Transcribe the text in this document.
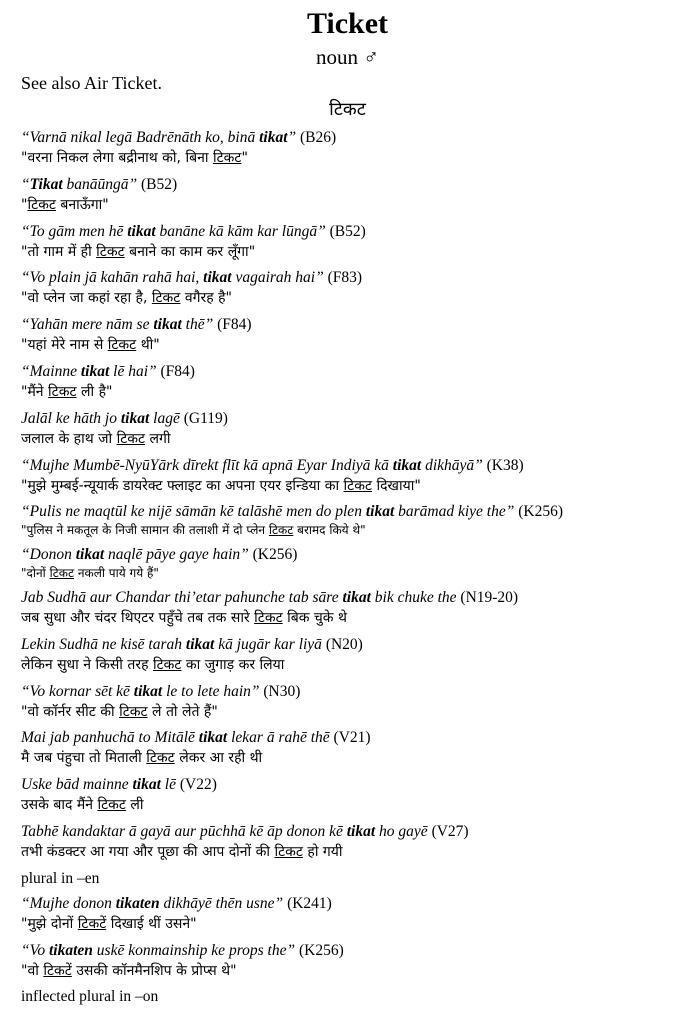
Ticket
noun ♂
See also Air Ticket.
टिकट
“Varnā nikal legā Badrēnāth ko, binā tikat” (B26)
"वरना निकल लेगा बद्रीनाथ को, बिना टिकट"
“Tikat banāūngā” (B52)
"टिकट बनाऊँगा"
“To gām men hē tikat banāne kā kām kar lūngā” (B52)
"तो गाम में ही टिकट बनाने का काम कर लूँगा"
“Vo plain jā kahān rahā hai, tikat vagairah hai” (F83)
"वो प्लेन जा कहां रहा है, टिकट वगैरह है"
“Yahān mere nām se tikat thē” (F84)
"यहां मेरे नाम से टिकट थी"
“Mainne tikat lē hai” (F84)
"मैंने टिकट ली है"
Jalāl ke hāth jo tikat lagē (G119)
जलाल के हाथ जो टिकट लगी
“Mujhe Mumbē-NyūYārk dīrekt flīt kā apnā Eyar Indiyā kā tikat dikhāyā” (K38)
"मुझे मुम्बई-न्यूयार्क डायरेक्ट फ्लाइट का अपना एयर इन्डिया का टिकट दिखाया"
“Pulis ne maqtūl ke nijē sāmān kē talāshē men do plen tikat barāmad kiye the” (K256)
"पुलिस ने मकतूल के निजी सामान की तलाशी में दो प्लेन टिकट बरामद किये थे"
“Donon tikat naqlē pāye gaye hain” (K256)
"दोनों टिकट नकली पाये गये हैं"
Jab Sudhā aur Chandar thi’etar pahunche tab sāre tikat bik chuke the (N19-20)
जब सुधा और चंदर थिएटर पहुँचे तब तक सारे टिकट बिक चुके थे
Lekin Sudhā ne kisē tarah tikat kā jugār kar liyā (N20)
लेकिन सुधा ने किसी तरह टिकट का जुगाड़ कर लिया
“Vo kornar sēt kē tikat le to lete hain” (N30)
"वो कॉर्नर सीट की टिकट ले तो लेते हैं"
Mai jab panhuchā to Mitālē tikat lekar ā rahē thē (V21)
मै जब पंहुचा तो मिताली टिकट लेकर आ रही थी
Uske bād mainne tikat lē (V22)
उसके बाद मैंने टिकट ली
Tabhē kandaktar ā gayā aur pūchhā kē āp donon kē tikat ho gayē (V27)
तभी कंडक्टर आ गया और पूछा की आप दोनों की टिकट हो गयी
plural in –en
“Mujhe donon tikaten dikhāyē thēn usne” (K241)
"मुझे दोनों टिकटें दिखाई थीं उसने"
“Vo tikaten uskē konmainship ke props the” (K256)
"वो टिकटें उसकी कॉनमैनशिप के प्रोप्स थे"
inflected plural in –on
